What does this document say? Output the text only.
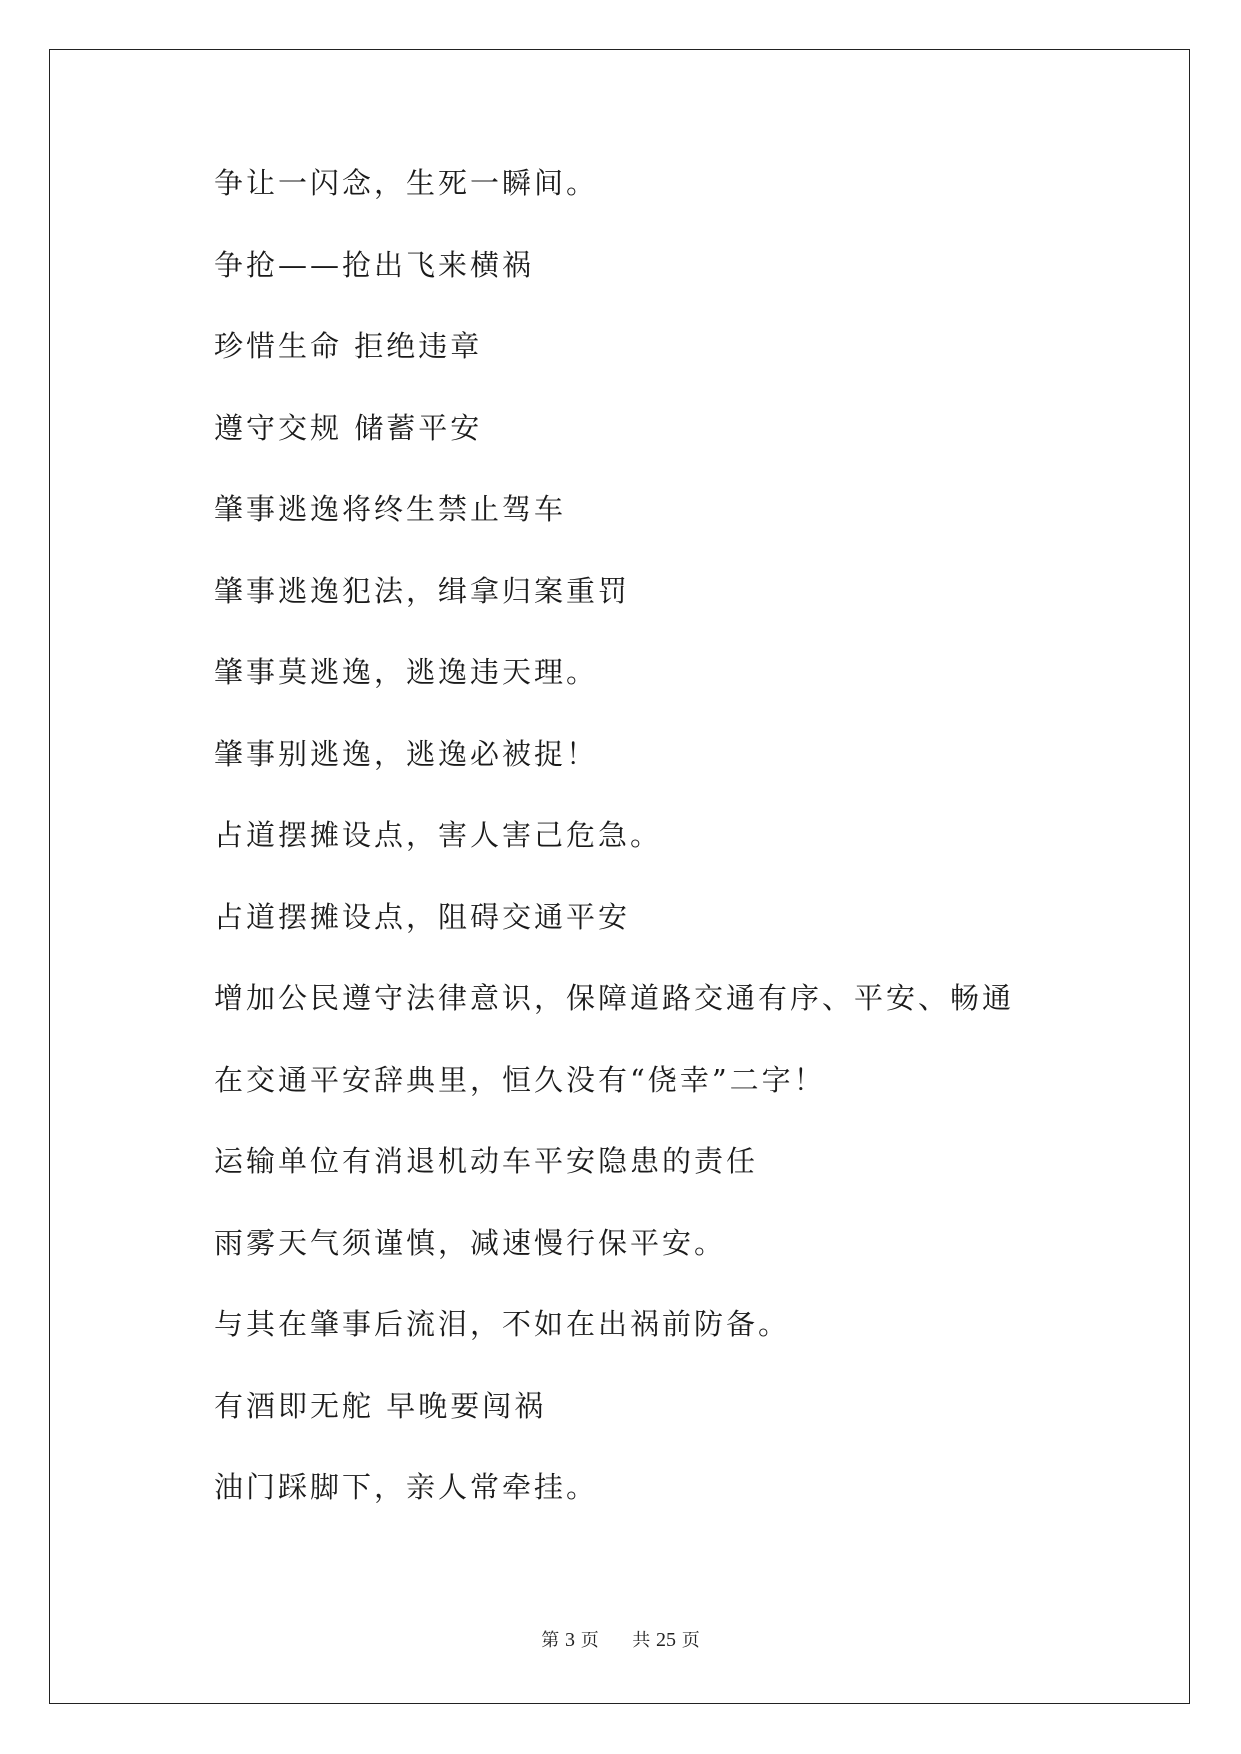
争让一闪念，生死一瞬间。
争抢——抢出飞来横祸
珍惜生命 拒绝违章
遵守交规 储蓄平安
肇事逃逸将终生禁止驾车
肇事逃逸犯法，缉拿归案重罚
肇事莫逃逸，逃逸违天理。
肇事别逃逸，逃逸必被捉！
占道摆摊设点，害人害己危急。
占道摆摊设点，阻碍交通平安
增加公民遵守法律意识，保障道路交通有序、平安、畅通
在交通平安辞典里，恒久没有“侥幸”二字！
运输单位有消退机动车平安隐患的责任
雨雾天气须谨慎，减速慢行保平安。
与其在肇事后流泪，不如在出祸前防备。
有酒即无舵 早晚要闯祸
油门踩脚下，亲人常牵挂。
第 3 页 共 25 页
